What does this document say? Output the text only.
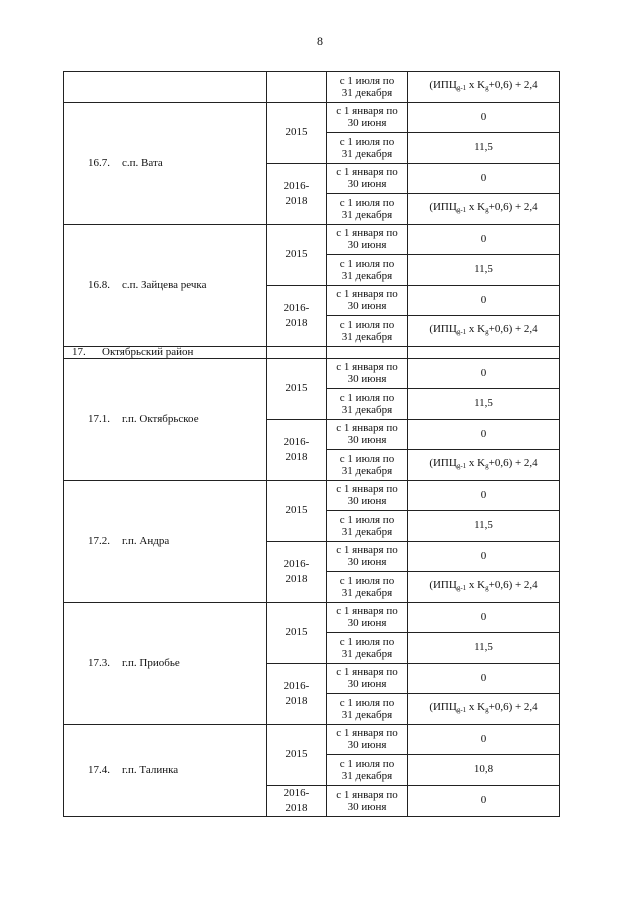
8
		с 1 июля по
31 декабря	($ИПЦ_{g-1}$ x $K_g+0,6) + 2,4$
16.7. с.п. Вата	2015	с 1 января по
30 июня	0
		с 1 июля по
31 декабря	11,5
	2016-
2018	с 1 января по
30 июня	0
		с 1 июля по
31 декабря	($ИПЦ_{g-1}$ x $K_g+0,6) + 2,4$
16.8. с.п. Зайцева речка	2015	с 1 января по
30 июня	0
		с 1 июля по
31 декабря	11,5
	2016-
2018	с 1 января по
30 июня	0
		с 1 июля по
31 декабря	($ИПЦ_{g-1}$ x $K_g+0,6) + 2,4$
17. Октябрьский район			
17.1. г.п. Октябрьское	2015	с 1 января по
30 июня	0
		с 1 июля по
31 декабря	11,5
	2016-
2018	с 1 января по
30 июня	0
		с 1 июля по
31 декабря	($ИПЦ_{g-1}$ x $K_g+0,6) + 2,4$
17.2. г.п. Андра	2015	с 1 января по
30 июня	0
		с 1 июля по
31 декабря	11,5
	2016-
2018	с 1 января по
30 июня	0
		с 1 июля по
31 декабря	($ИПЦ_{g-1}$ x $K_g+0,6) + 2,4$
17.3. г.п. Приобье	2015	с 1 января по
30 июня	0
		с 1 июля по
31 декабря	11,5
	2016-
2018	с 1 января по
30 июня	0
		с 1 июля по
31 декабря	($ИПЦ_{g-1}$ x $K_g+0,6) + 2,4$
17.4. г.п. Талинка	2015	с 1 января по
30 июня	0
		с 1 июля по
31 декабря	10,8
	2016-
2018	с 1 января по
30 июня	0
